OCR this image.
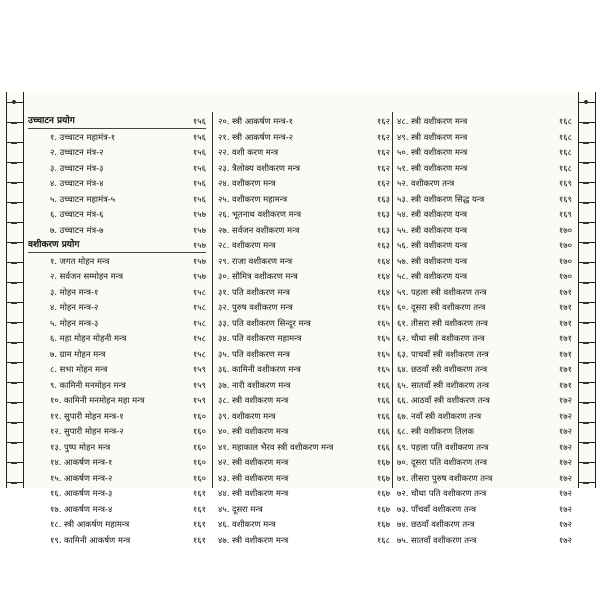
उच्चाटन प्रयोग	१५६
१. उच्चाटन महामंत्र-१	१५६
२. उच्चाटन मंत्र-२	१५६
३. उच्चाटन मंत्र-३	१५६
४. उच्चाटन मंत्र-४	१५६
५. उच्चाटन महामंत्र-५	१५६
६. उच्चाटन मंत्र-६	१५७
७. उच्चाटन मंत्र-७	१५७
वशीकरण प्रयोग	१५७
१. जगत मोहन मन्त्र	१५७
२. सर्वजन सम्मोहन मन्त्र	१५७
३. मोहन मन्त्र-१	१५८
४. मोहन मन्त्र-२	१५८
५. मोहन मन्त्र-३	१५८
६. महा मोहन मोहनी मन्त्र	१५८
७. ग्राम मोहन मन्त्र	१५८
८. सभा मोहन मन्त्र	१५९
९. कामिनी मनमोहन मन्त्र	१५९
१०. कामिनी मनमोहन महा मन्त्र	१५९
११. सुपारी मोहन मन्त्र-१	१६०
१२. सुपारी मोहन मन्त्र-२	१६०
१३. पुष्प मोहन मन्त्र	१६०
१४. आकर्षण मन्त्र-१	१६०
१५. आकर्षण मन्त्र-२	१६०
१६. आकर्षण मन्त्र-३	१६१
१७. आकर्षण मन्त्र-४	१६१
१८. स्त्री आकर्षण महामन्त्र	१६१
१९. कामिनी आकर्षण मन्त्र	१६१
२०. स्त्री आकर्षण मन्त्र-१	१६२
२१. स्त्री आकर्षण मन्त्र-२	१६२
२२. वशी करण मन्त्र	१६२
२३. त्रैलोक्य वशीकरण मन्त्र	१६२
२४. वशीकरण मन्त्र	१६२
२५. वशीकरण महामन्त्र	१६३
२६. भूतनाथ वशीकरण मन्त्र	१६३
२७. सर्वजन वशीकरण मन्त्र	१६३
२८. वशीकरण मन्त्र	१६३
२९. राजा वशीकरण मन्त्र	१६४
३०. सौमित्र वशीकरण मन्त्र	१६४
३१. पति वशीकरण मन्त्र	१६४
३२. पुरुष वशीकरण मन्त्र	१६५
३३. पति वशीकरण सिन्दूर मन्त्र	१६५
३४. पति वशीकरण महामन्त्र	१६५
३५. पति वशीकरण मन्त्र	१६५
३६. कामिनी वशीकरण मन्त्र	१६५
३७. नारी वशीकरण मन्त्र	१६६
३८. स्त्री वशीकरण मन्त्र	१६६
३९. वशीकरण मन्त्र	१६६
४०. स्त्री वशीकरण मन्त्र	१६६
४१. महाकाल भैरव स्त्री वशीकरण मन्त्र	१६६
४२. स्त्री वशीकरण मन्त्र	१६७
४३. स्त्री वशीकरण मन्त्र	१६७
४४. स्त्री वशीकरण मन्त्र	१६७
४५. दूसरा मन्त्र	१६७
४६. वशीकरण मन्त्र	१६७
४७. स्त्री वशीकरण मन्त्र	१६८
४८. स्त्री वशीकरण मन्त्र	१६८
४९. स्त्री वशीकरण मन्त्र	१६८
५०. स्त्री वशीकरण मन्त्र	१६८
५१. स्त्री वशीकरण मन्त्र	१६८
५२. वशीकरण तन्त्र	१६९
५३. स्त्री वशीकरण सिद्ध यन्त्र	१६९
५४. स्त्री वशीकरण यन्त्र	१६९
५५. स्त्री वशीकरण यन्त्र	१७०
५६. स्त्री वशीकरण यन्त्र	१७०
५७. स्त्री वशीकरण यन्त्र	१७०
५८. स्त्री वशीकरण यन्त्र	१७०
५९. पहला स्त्री वशीकरण तन्त्र	१७१
६०. दूसरा स्त्री वशीकरण तन्त्र	१७१
६१. तीसरा स्त्री वशीकरण तन्त्र	१७१
६२. चौथा स्त्री वशीकरण तन्त्र	१७१
६३. पाचवाँ स्त्री वशीकरण तन्त्र	१७१
६४. छठवाँ स्त्री वशीकरण तन्त्र	१७१
६५. सातवाँ स्त्री वशीकरण तन्त्र	१७१
६६. आठवाँ स्त्री वशीकरण तन्त्र	१७२
६७. नवाँ स्त्री वशीकरण तन्त्र	१७२
६८. स्त्री वशीकरण तिलक	१७२
६९. पहला पति वशीकरण तन्त्र	१७२
७०. दूसरा पति वशीकरण तन्त्र	१७२
७१. तीसरा पुरुष वशीकरण तन्त्र	१७२
७२. चौथा पति वशीकरण तन्त्र	१७२
७३. पाँचवाँ वशीकरण तन्त्र	१७२
७४. छठवाँ वशीकरण तन्त्र	१७२
७५. सातवाँ वशीकरण तन्त्र	१७२
